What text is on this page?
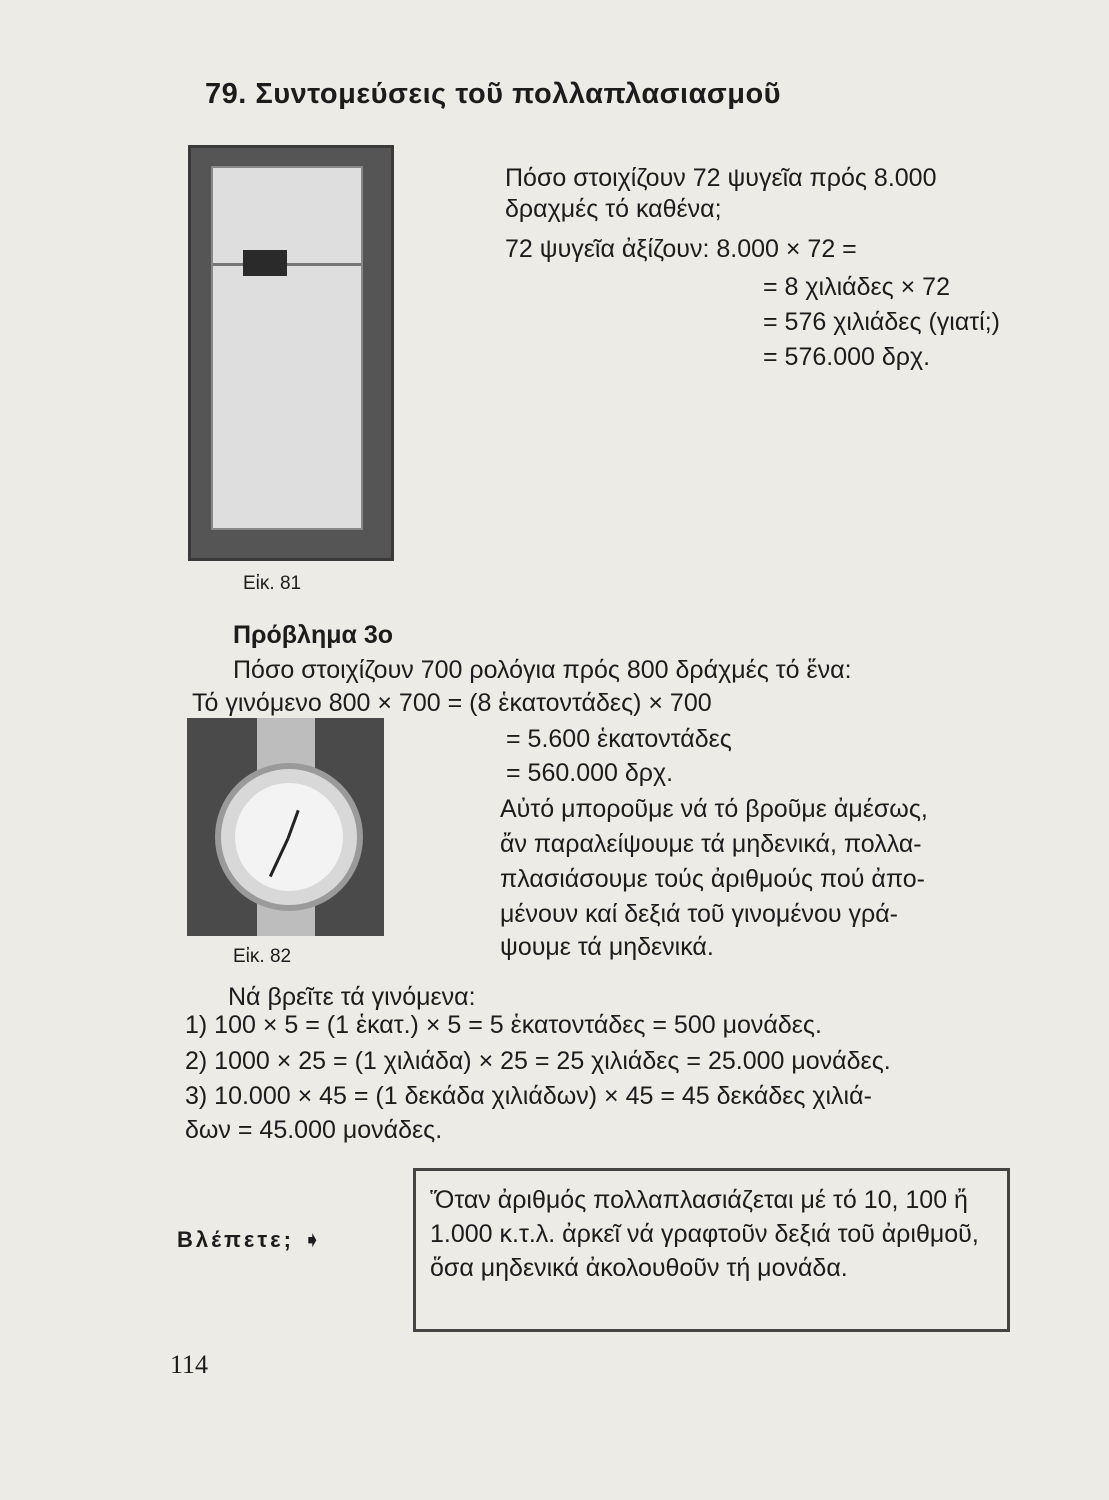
79. Συντομεύσεις τοῦ πολλαπλασιασμοῦ
Εἰκ. 81
Πόσο στοιχίζουν 72 ψυγεῖα πρός 8.000
δραχμές τό καθένα;
72 ψυγεῖα ἀξίζουν: 8.000 × 72 =
= 8 χιλιάδες × 72
= 576 χιλιάδες (γιατί;)
= 576.000 δρχ.
Πρόβλημα 3ο
Πόσο στοιχίζουν 700 ρολόγια πρός 800 δράχμές τό ἕνα:
Τό γινόμενο 800 × 700 = (8 ἑκατοντάδες) × 700
= 5.600 ἑκατοντάδες
= 560.000 δρχ.
Αὐτό μποροῦμε νά τό βροῦμε ἀμέσως,
ἄν παραλείψουμε τά μηδενικά, πολλα-
πλασιάσουμε τούς ἀριθμούς πού ἀπο-
μένουν καί δεξιά τοῦ γινομένου γρά-
ψουμε τά μηδενικά.
Εἰκ. 82
Νά βρεῖτε τά γινόμενα:
1) 100 × 5 = (1 ἑκατ.) × 5 = 5 ἑκατοντάδες = 500 μονάδες.
2) 1000 × 25 = (1 χιλιάδα) × 25 = 25 χιλιάδες = 25.000 μονάδες.
3) 10.000 × 45 = (1 δεκάδα χιλιάδων) × 45 = 45 δεκάδες χιλιά-
δων = 45.000 μονάδες.
Βλέπετε; ➧
Ὅταν ἀριθμός πολλαπλασιάζεται μέ τό 10, 100 ἤ 1.000 κ.τ.λ. ἀρκεῖ νά γραφτοῦν δεξιά τοῦ ἀριθμοῦ, ὅσα μηδενικά ἀκολουθοῦν τή μονάδα.
114
